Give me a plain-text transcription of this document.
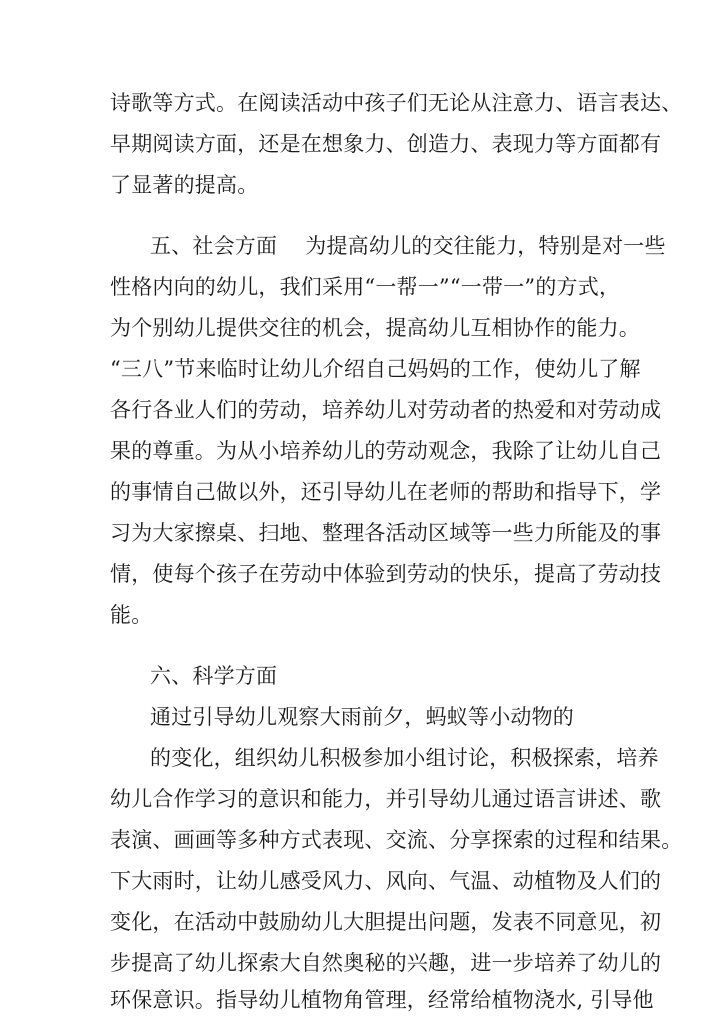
诗歌等方式。在阅读活动中孩子们无论从注意力、语言表达、
早期阅读方面，还是在想象力、创造力、表现力等方面都有
了显著的提高。
五、社会方面　 为提高幼儿的交往能力，特别是对一些
性格内向的幼儿，我们采用“一帮一”“一带一”的方式，
为个别幼儿提供交往的机会，提高幼儿互相协作的能力。
“三八”节来临时让幼儿介绍自己妈妈的工作，使幼儿了解
各行各业人们的劳动，培养幼儿对劳动者的热爱和对劳动成
果的尊重。为从小培养幼儿的劳动观念，我除了让幼儿自己
的事情自己做以外，还引导幼儿在老师的帮助和指导下，学
习为大家擦桌、扫地、整理各活动区域等一些力所能及的事
情，使每个孩子在劳动中体验到劳动的快乐，提高了劳动技
能。
六、科学方面
通过引导幼儿观察大雨前夕，蚂蚁等小动物的
的变化，组织幼儿积极参加小组讨论，积极探索，培养
幼儿合作学习的意识和能力，并引导幼儿通过语言讲述、歌
表演、画画等多种方式表现、交流、分享探索的过程和结果。
下大雨时，让幼儿感受风力、风向、气温、动植物及人们的
变化，在活动中鼓励幼儿大胆提出问题，发表不同意见，初
步提高了幼儿探索大自然奥秘的兴趣，进一步培养了幼儿的
环保意识。指导幼儿植物角管理，经常给植物浇水, 引导他
